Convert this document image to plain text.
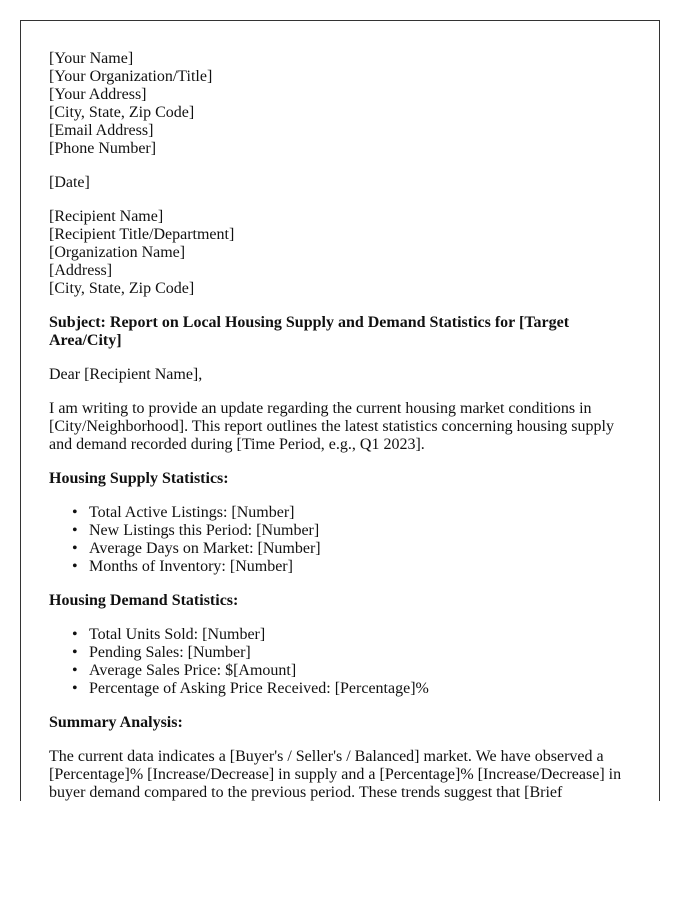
[Your Name]
[Your Organization/Title]
[Your Address]
[City, State, Zip Code]
[Email Address]
[Phone Number]
[Date]
[Recipient Name]
[Recipient Title/Department]
[Organization Name]
[Address]
[City, State, Zip Code]

Subject: Report on Local Housing Supply and Demand Statistics for [Target Area/City]

Dear [Recipient Name],

I am writing to provide an update regarding the current housing market conditions in [City/Neighborhood]. This report outlines the latest statistics concerning housing supply and demand recorded during [Time Period, e.g., Q1 2023].

Housing Supply Statistics:
• Total Active Listings: [Number]
• New Listings this Period: [Number]
• Average Days on Market: [Number]
• Months of Inventory: [Number]
Housing Demand Statistics:
• Total Units Sold: [Number]
• Pending Sales: [Number]
• Average Sales Price: $[Amount]
• Percentage of Asking Price Received: [Percentage]%
Summary Analysis:

The current data indicates a [Buyer's / Seller's / Balanced] market. We have observed a [Percentage]% [Increase/Decrease] in supply and a [Percentage]% [Increase/Decrease] in buyer demand compared to the previous period. These trends suggest that [Brief
